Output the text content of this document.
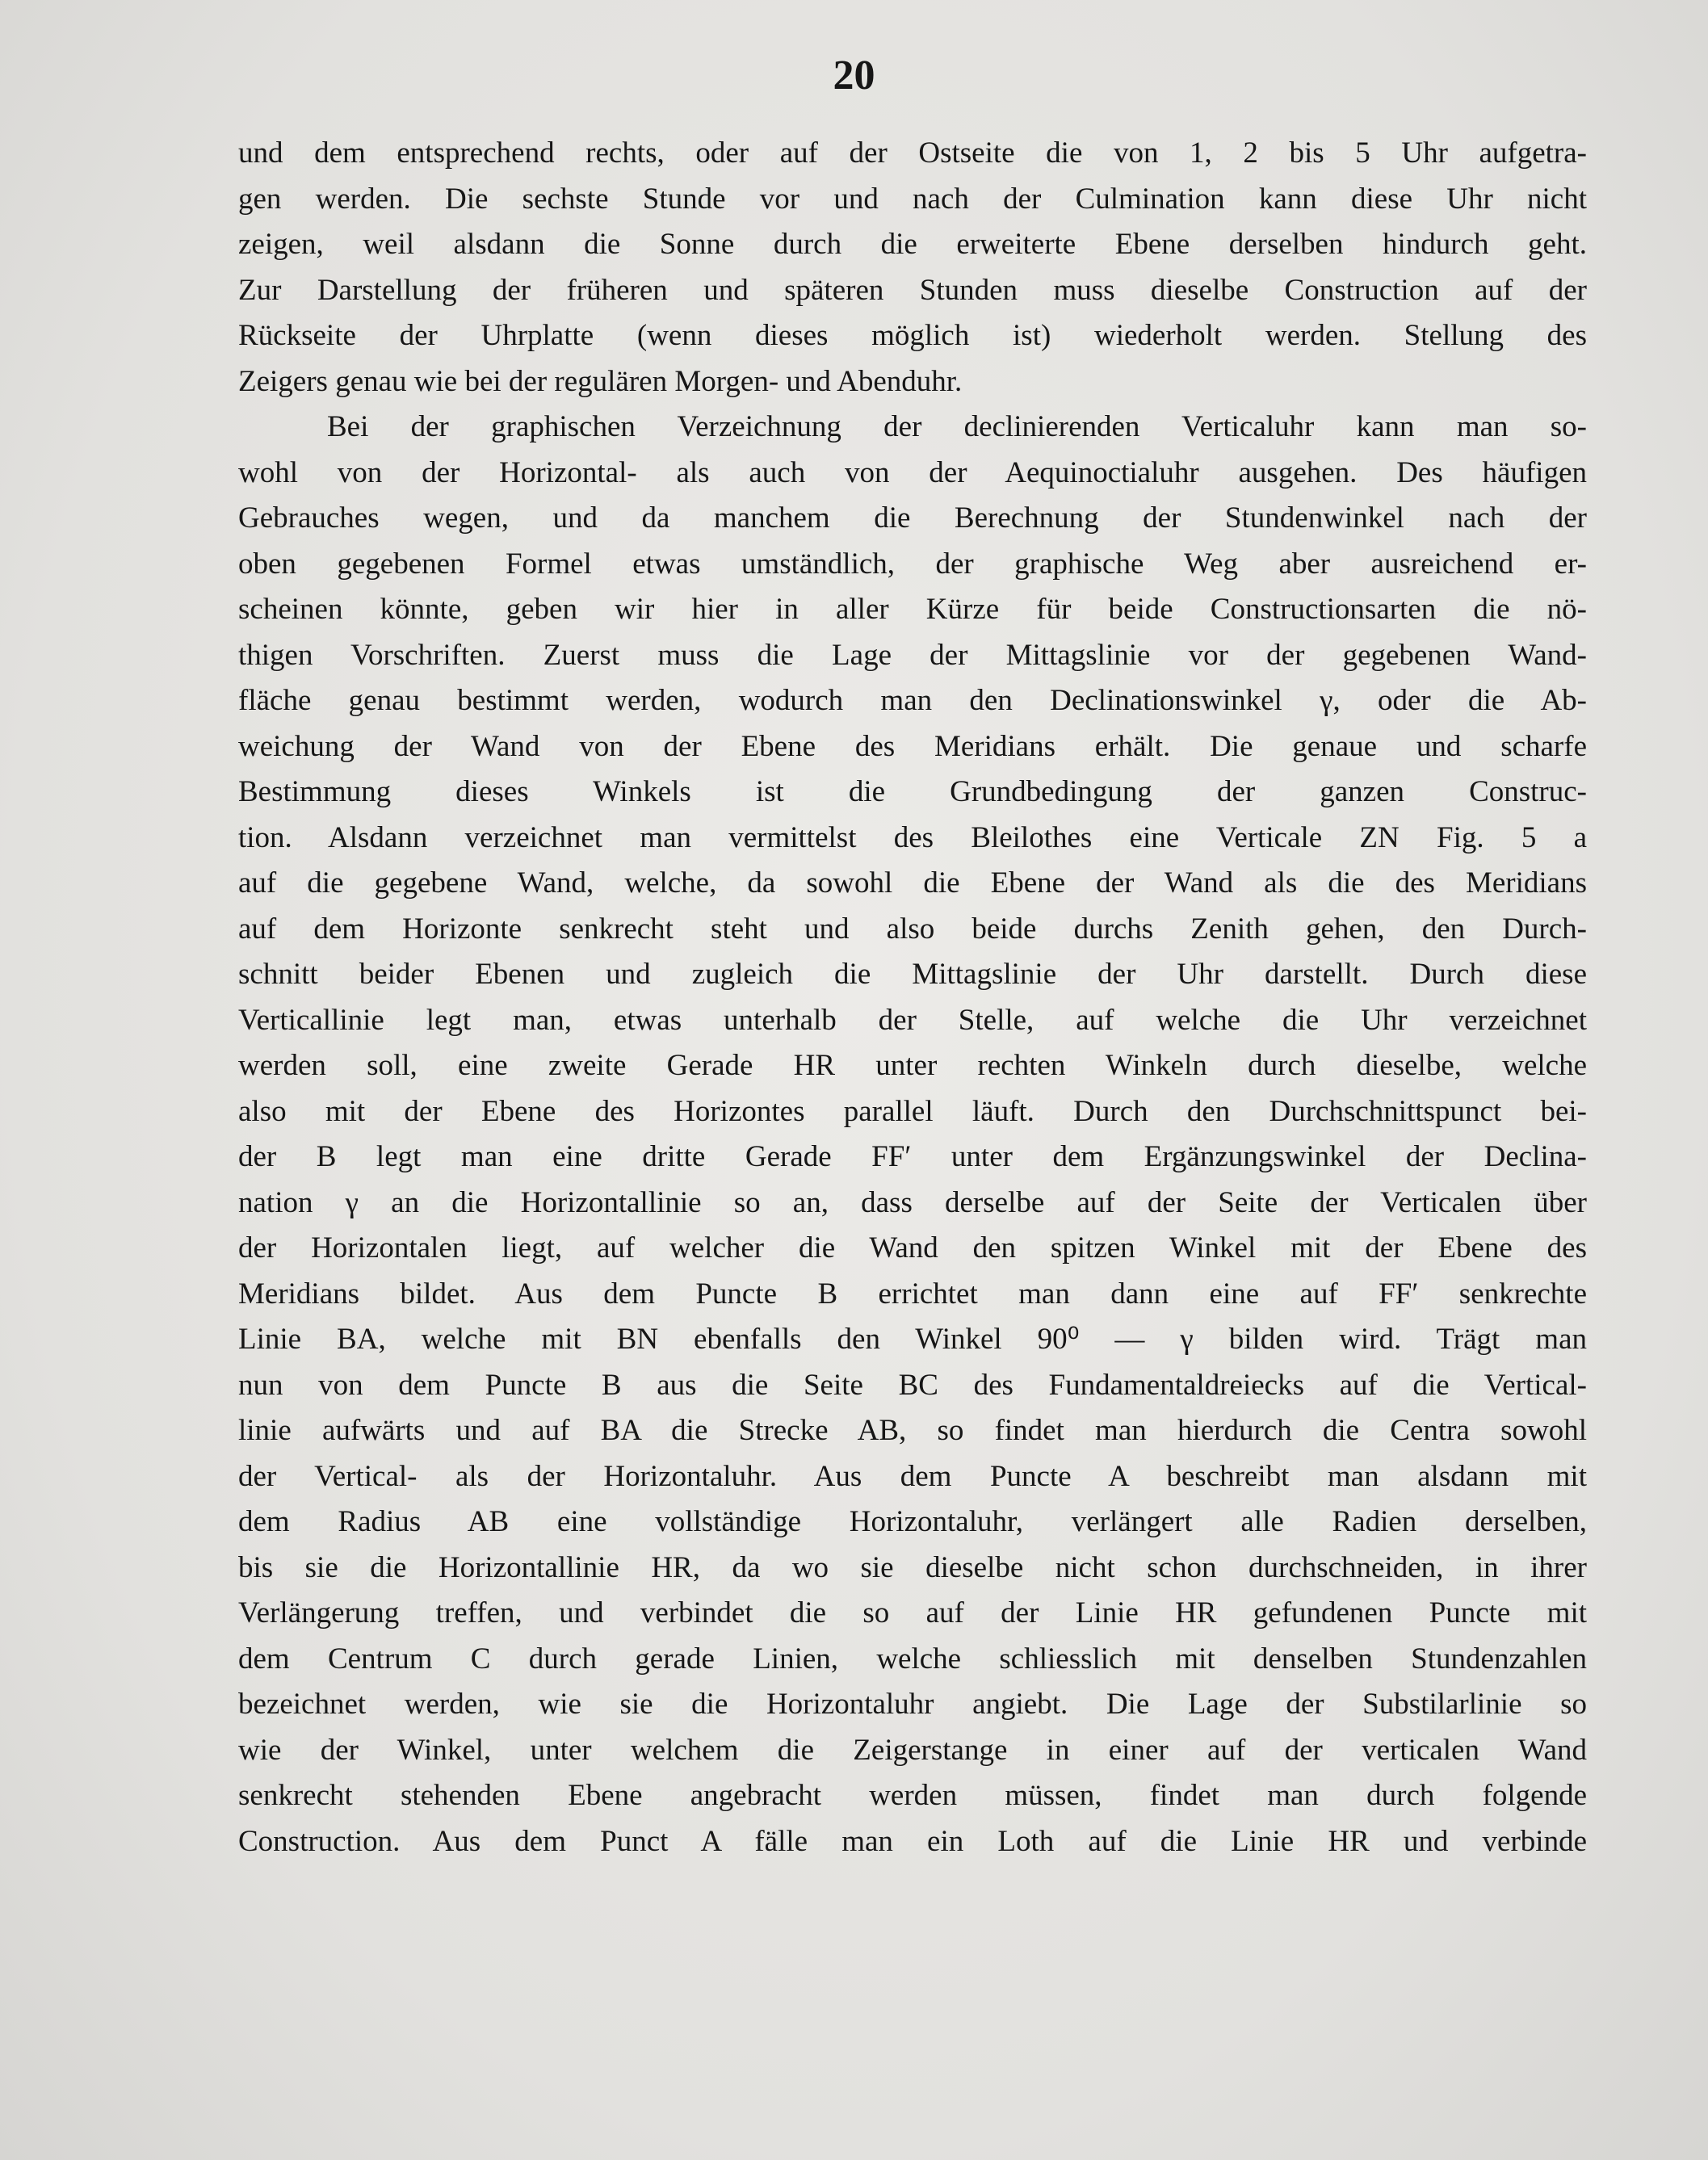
20
und dem entsprechend rechts, oder auf der Ostseite die von 1, 2 bis 5 Uhr aufgetra-
gen werden. Die sechste Stunde vor und nach der Culmination kann diese Uhr nicht
zeigen, weil alsdann die Sonne durch die erweiterte Ebene derselben hindurch geht.
Zur Darstellung der früheren und späteren Stunden muss dieselbe Construction auf der
Rückseite der Uhrplatte (wenn dieses möglich ist) wiederholt werden. Stellung des
Zeigers genau wie bei der regulären Morgen- und Abenduhr.
Bei der graphischen Verzeichnung der declinierenden Verticaluhr kann man so-
wohl von der Horizontal- als auch von der Aequinoctialuhr ausgehen. Des häufigen
Gebrauches wegen, und da manchem die Berechnung der Stundenwinkel nach der
oben gegebenen Formel etwas umständlich, der graphische Weg aber ausreichend er-
scheinen könnte, geben wir hier in aller Kürze für beide Constructionsarten die nö-
thigen Vorschriften. Zuerst muss die Lage der Mittagslinie vor der gegebenen Wand-
fläche genau bestimmt werden, wodurch man den Declinationswinkel γ, oder die Ab-
weichung der Wand von der Ebene des Meridians erhält. Die genaue und scharfe
Bestimmung dieses Winkels ist die Grundbedingung der ganzen Construc-
tion. Alsdann verzeichnet man vermittelst des Bleilothes eine Verticale ZN Fig. 5 a
auf die gegebene Wand, welche, da sowohl die Ebene der Wand als die des Meridians
auf dem Horizonte senkrecht steht und also beide durchs Zenith gehen, den Durch-
schnitt beider Ebenen und zugleich die Mittagslinie der Uhr darstellt. Durch diese
Verticallinie legt man, etwas unterhalb der Stelle, auf welche die Uhr verzeichnet
werden soll, eine zweite Gerade HR unter rechten Winkeln durch dieselbe, welche
also mit der Ebene des Horizontes parallel läuft. Durch den Durchschnittspunct bei-
der B legt man eine dritte Gerade FF′ unter dem Ergänzungswinkel der Declina-
nation γ an die Horizontallinie so an, dass derselbe auf der Seite der Verticalen über
der Horizontalen liegt, auf welcher die Wand den spitzen Winkel mit der Ebene des
Meridians bildet. Aus dem Puncte B errichtet man dann eine auf FF′ senkrechte
Linie BA, welche mit BN ebenfalls den Winkel 90⁰ — γ bilden wird. Trägt man
nun von dem Puncte B aus die Seite BC des Fundamentaldreiecks auf die Vertical-
linie aufwärts und auf BA die Strecke AB, so findet man hierdurch die Centra sowohl
der Vertical- als der Horizontaluhr. Aus dem Puncte A beschreibt man alsdann mit
dem Radius AB eine vollständige Horizontaluhr, verlängert alle Radien derselben,
bis sie die Horizontallinie HR, da wo sie dieselbe nicht schon durchschneiden, in ihrer
Verlängerung treffen, und verbindet die so auf der Linie HR gefundenen Puncte mit
dem Centrum C durch gerade Linien, welche schliesslich mit denselben Stundenzahlen
bezeichnet werden, wie sie die Horizontaluhr angiebt. Die Lage der Substilarlinie so
wie der Winkel, unter welchem die Zeigerstange in einer auf der verticalen Wand
senkrecht stehenden Ebene angebracht werden müssen, findet man durch folgende
Construction. Aus dem Punct A fälle man ein Loth auf die Linie HR und verbinde
